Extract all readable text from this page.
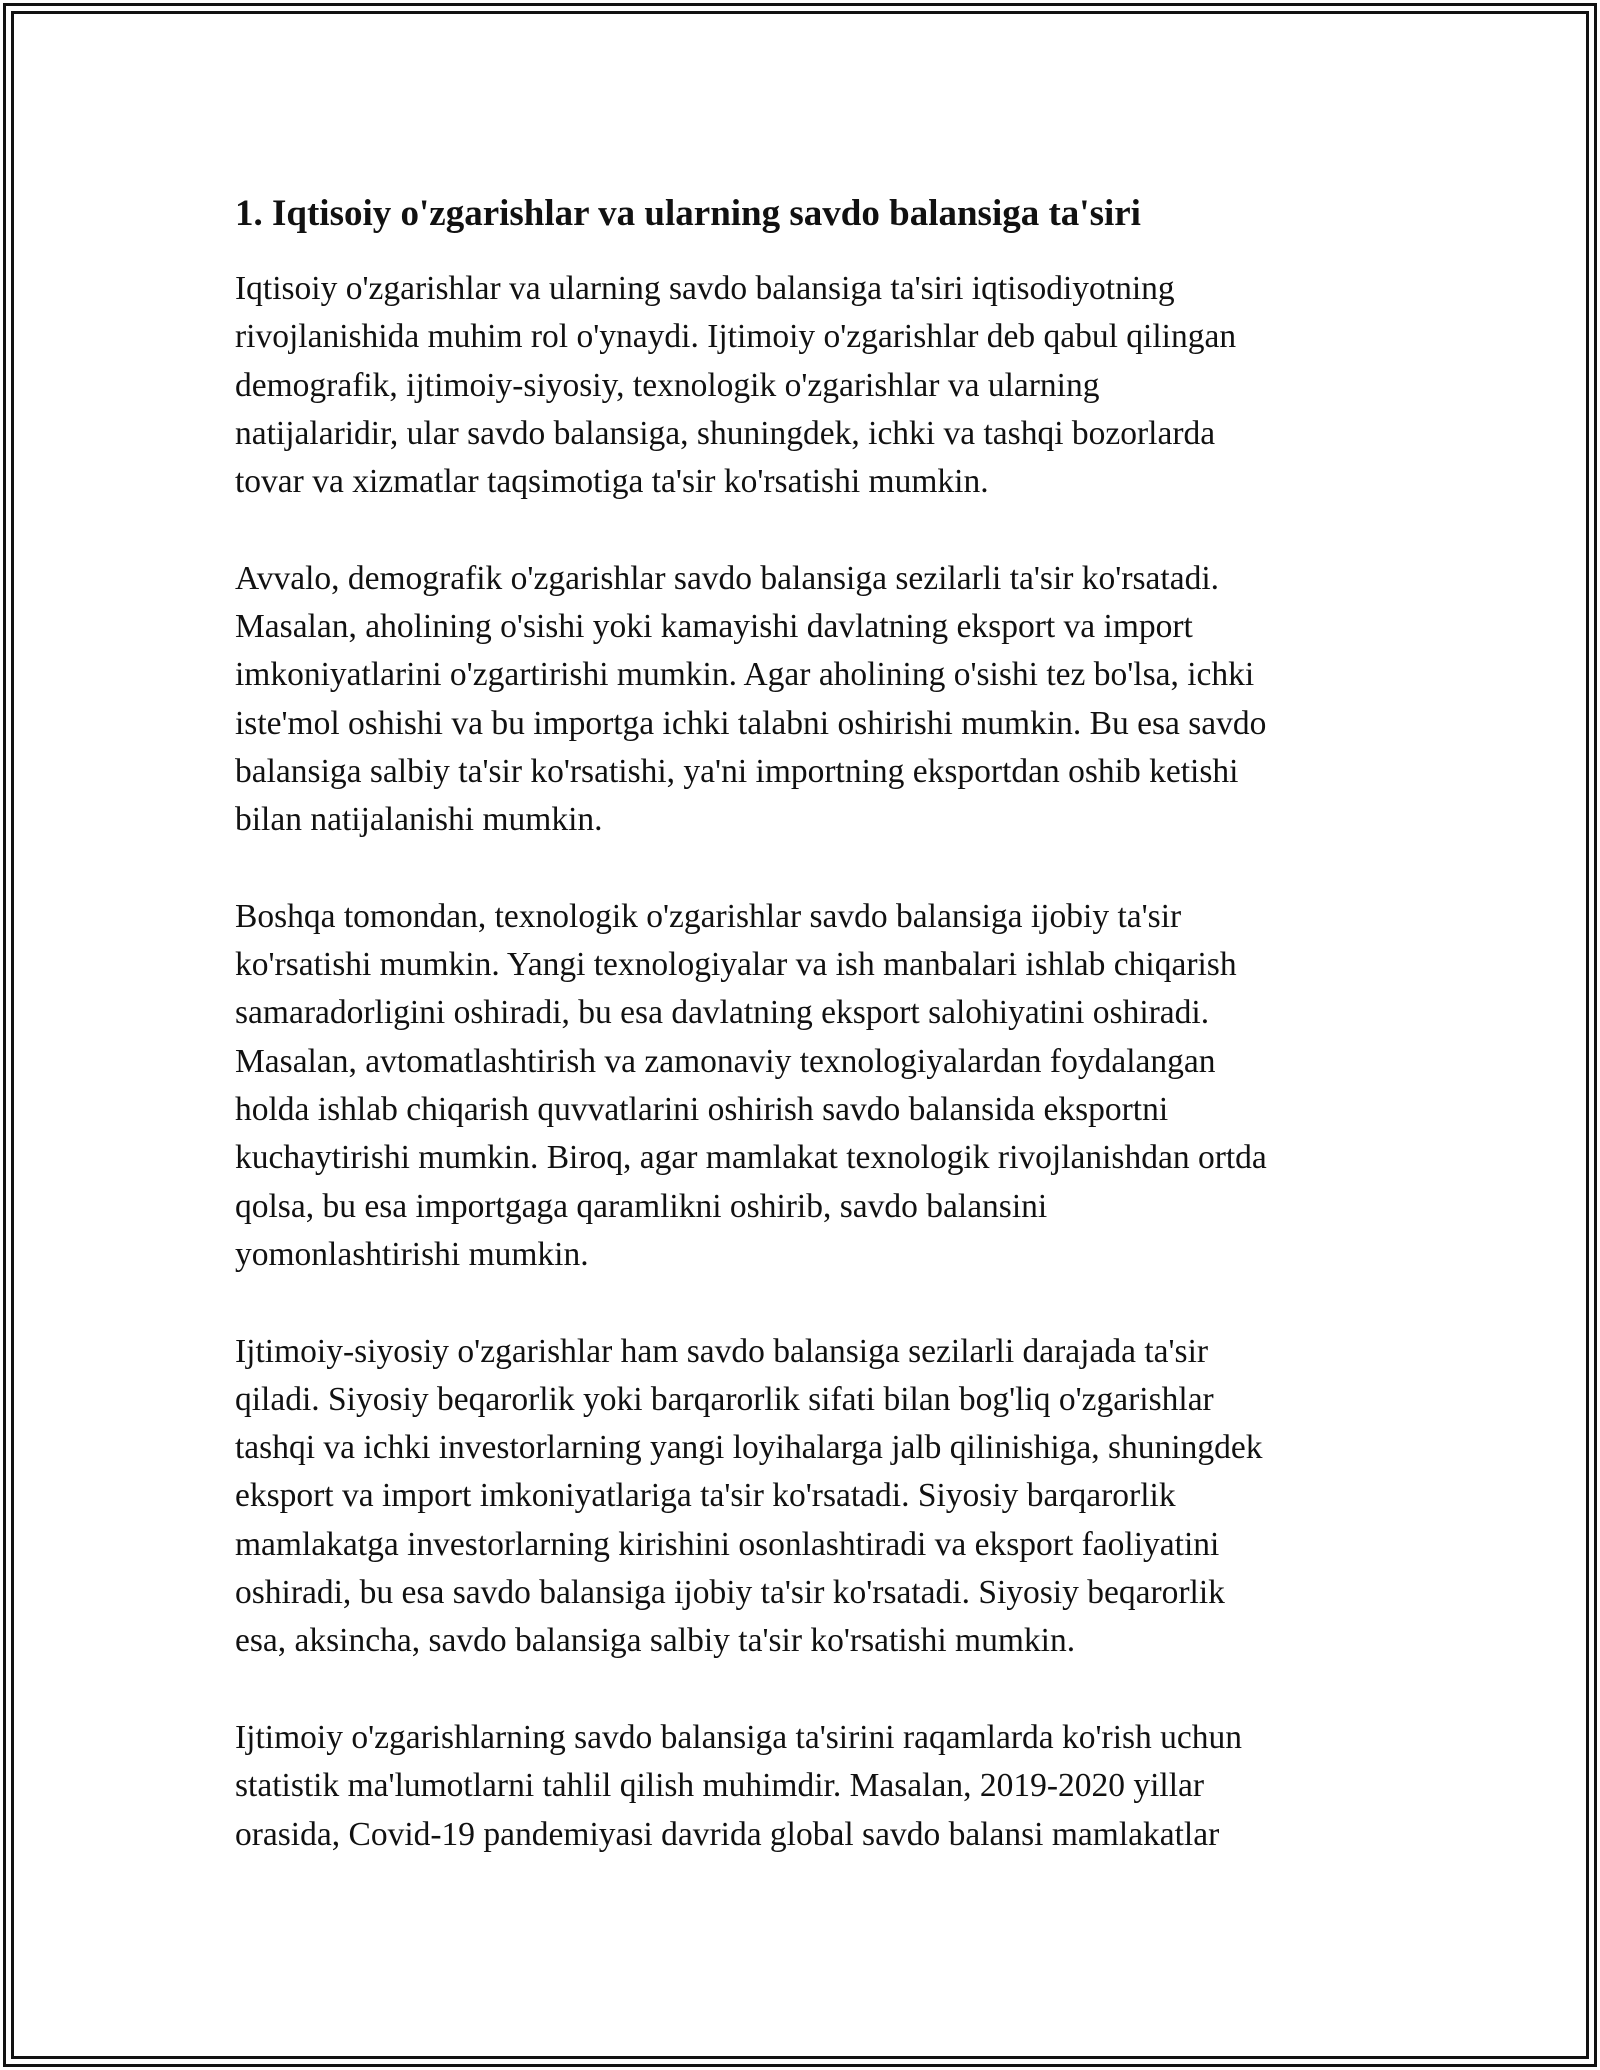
1. Iqtisoiy o'zgarishlar va ularning savdo balansiga ta'siri

Iqtisoiy o'zgarishlar va ularning savdo balansiga ta'siri iqtisodiyotning
rivojlanishida muhim rol o'ynaydi. Ijtimoiy o'zgarishlar deb qabul qilingan
demografik, ijtimoiy-siyosiy, texnologik o'zgarishlar va ularning
natijalaridir, ular savdo balansiga, shuningdek, ichki va tashqi bozorlarda
tovar va xizmatlar taqsimotiga ta'sir ko'rsatishi mumkin.

Avvalo, demografik o'zgarishlar savdo balansiga sezilarli ta'sir ko'rsatadi.
Masalan, aholining o'sishi yoki kamayishi davlatning eksport va import
imkoniyatlarini o'zgartirishi mumkin. Agar aholining o'sishi tez bo'lsa, ichki
iste'mol oshishi va bu importga ichki talabni oshirishi mumkin. Bu esa savdo
balansiga salbiy ta'sir ko'rsatishi, ya'ni importning eksportdan oshib ketishi
bilan natijalanishi mumkin.

Boshqa tomondan, texnologik o'zgarishlar savdo balansiga ijobiy ta'sir
ko'rsatishi mumkin. Yangi texnologiyalar va ish manbalari ishlab chiqarish
samaradorligini oshiradi, bu esa davlatning eksport salohiyatini oshiradi.
Masalan, avtomatlashtirish va zamonaviy texnologiyalardan foydalangan
holda ishlab chiqarish quvvatlarini oshirish savdo balansida eksportni
kuchaytirishi mumkin. Biroq, agar mamlakat texnologik rivojlanishdan ortda
qolsa, bu esa importgaga qaramlikni oshirib, savdo balansini
yomonlashtirishi mumkin.

Ijtimoiy-siyosiy o'zgarishlar ham savdo balansiga sezilarli darajada ta'sir
qiladi. Siyosiy beqarorlik yoki barqarorlik sifati bilan bog'liq o'zgarishlar
tashqi va ichki investorlarning yangi loyihalarga jalb qilinishiga, shuningdek
eksport va import imkoniyatlariga ta'sir ko'rsatadi. Siyosiy barqarorlik
mamlakatga investorlarning kirishini osonlashtiradi va eksport faoliyatini
oshiradi, bu esa savdo balansiga ijobiy ta'sir ko'rsatadi. Siyosiy beqarorlik
esa, aksincha, savdo balansiga salbiy ta'sir ko'rsatishi mumkin.

Ijtimoiy o'zgarishlarning savdo balansiga ta'sirini raqamlarda ko'rish uchun
statistik ma'lumotlarni tahlil qilish muhimdir. Masalan, 2019-2020 yillar
orasida, Covid-19 pandemiyasi davrida global savdo balansi mamlakatlar
